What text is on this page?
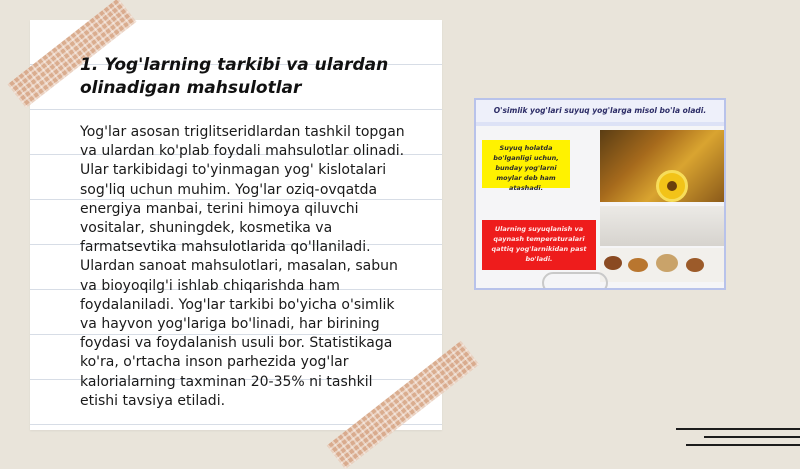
1. Yog'larning tarkibi va ulardan olinadigan mahsulotlar

Yog'lar asosan triglitseridlardan tashkil topgan va ulardan ko'plab foydali mahsulotlar olinadi. Ular tarkibidagi to'yinmagan yog' kislotalari sog'liq uchun muhim. Yog'lar oziq-ovqatda energiya manbai, terini himoya qiluvchi vositalar, shuningdek, kosmetika va farmatsevtika mahsulotlarida qo'llaniladi. Ulardan sanoat mahsulotlari, masalan, sabun va bioyoqilg'i ishlab chiqarishda ham foydalaniladi. Yog'lar tarkibi bo'yicha o'simlik va hayvon yog'lariga bo'linadi, har birining foydasi va foydalanish usuli bor. Statistikaga ko'ra, o'rtacha inson parhezida yog'lar kalorialarning taxminan 20-35% ni tashkil etishi tavsiya etiladi.

O'simlik yog'lari suyuq yog'larga misol bo'la oladi.
Suyuq holatda bo'lganligi uchun, bunday yog'larni moylar deb ham atashadi.
Ularning suyuqlanish va qaynash temperaturalari qattiq yog'larnikidan past bo'ladi.
